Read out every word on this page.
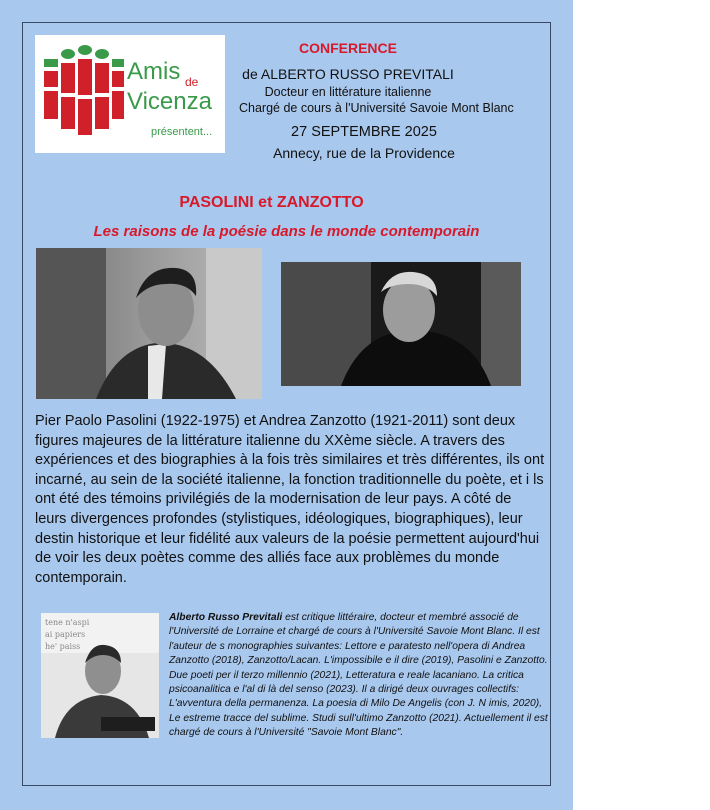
Amis de
Vicenza
présentent...
CONFERENCE
de ALBERTO RUSSO PREVITALI
Docteur en littérature italienne
Chargé de cours à l'Université Savoie Mont Blanc
27 SEPTEMBRE 2025
Annecy, rue de la Providence
PASOLINI et ZANZOTTO
Les raisons de la poésie dans le monde contemporain
Pier Paolo Pasolini (1922-1975) et Andrea Zanzotto (1921-2011) sont deux figures majeures de la littérature italienne du XXème siècle. A travers des expériences et des biographies à la fois très similaires et très différentes, ils ont incarné, au sein de la société italienne, la fonction traditionnelle du poète, et i ls ont été des témoins privilégiés de la modernisation de leur pays. A côté de leurs divergences profondes (stylistiques, idéologiques, biographiques), leur destin historique et leur fidélité aux valeurs de la poésie permettent aujourd'hui de voir les deux poètes comme des alliés face aux problèmes du monde contemporain.
tene n'aspi
ai papiers
he' paiss
Alberto Russo Previtali est critique littéraire, docteur et membré associé de l'Université de Lorraine et chargé de cours à l'Université Savoie Mont Blanc. Il est l'auteur de s monographies suivantes: Lettore e paratesto nell'opera di Andrea Zanzotto (2018), Zanzotto/Lacan. L'impossibile e il dire (2019), Pasolini e Zanzotto. Due poeti per il terzo millennio (2021), Letteratura e reale lacaniano. La critica psicoanalitica e l'al di là del senso (2023). Il a dirigé deux ouvrages collectifs: L'avventura della permanenza. La poesia di Milo De Angelis (con J. N imis, 2020), Le estreme tracce del sublime. Studi sull'ultimo Zanzotto (2021). Actuellement il est chargé de cours à l'Université "Savoie Mont Blanc".
